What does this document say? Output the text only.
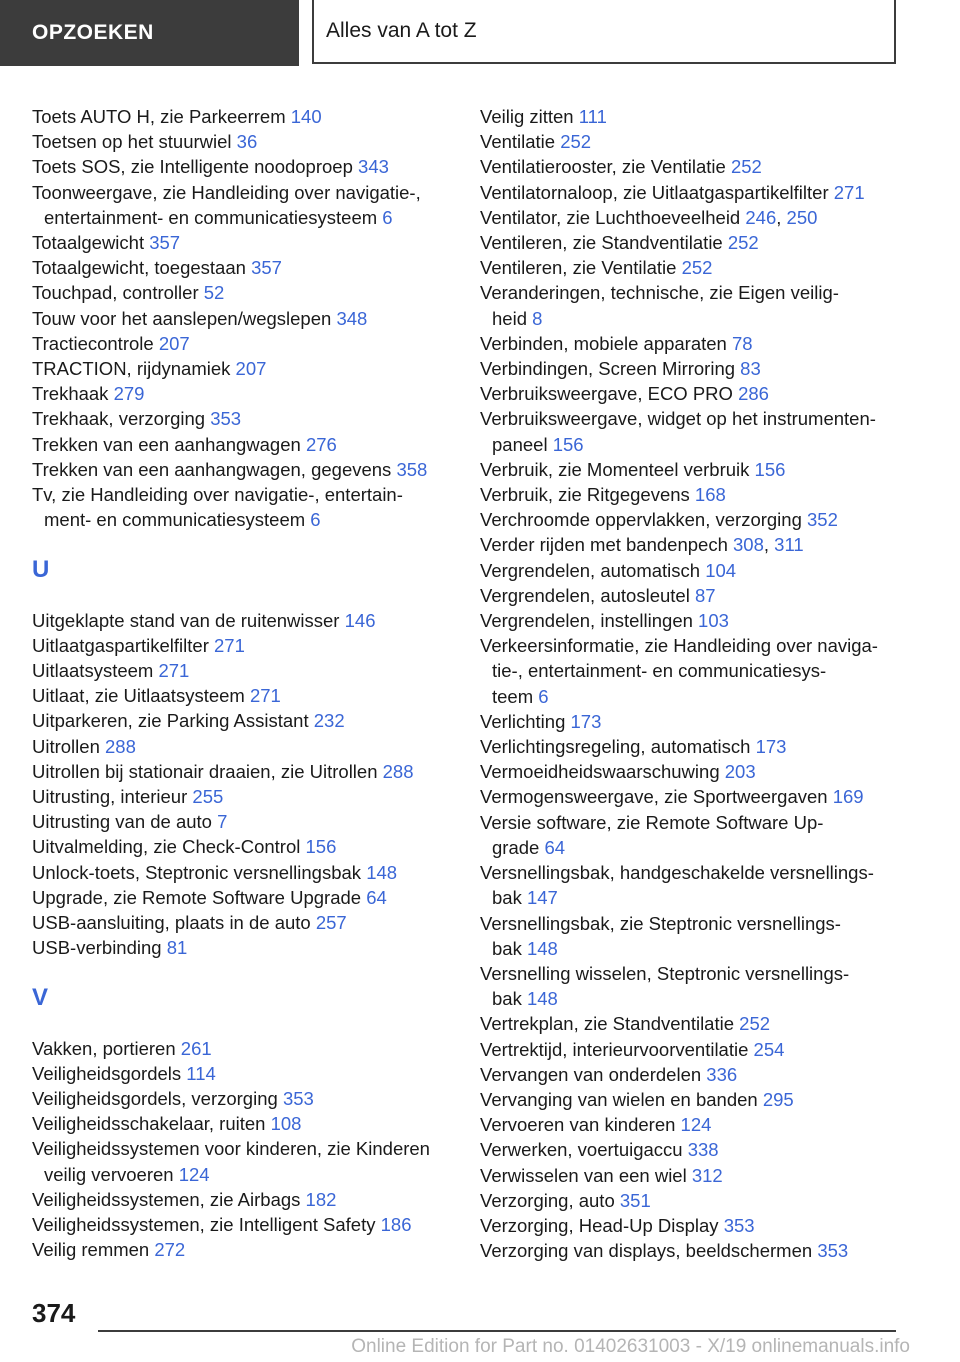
OPZOEKEN	Alles van A tot Z
Toets AUTO H, zie Parkeerrem 140
Toetsen op het stuurwiel 36
Toets SOS, zie Intelligente noodoproep 343
Toonweergave, zie Handleiding over navigatie-,
entertainment- en communicatiesysteem 6
Totaalgewicht 357
Totaalgewicht, toegestaan 357
Touchpad, controller 52
Touw voor het aanslepen/wegslepen 348
Tractiecontrole 207
TRACTION, rijdynamiek 207
Trekhaak 279
Trekhaak, verzorging 353
Trekken van een aanhangwagen 276
Trekken van een aanhangwagen, gegevens 358
Tv, zie Handleiding over navigatie-, entertain-
ment- en communicatiesysteem 6
U
Uitgeklapte stand van de ruitenwisser 146
Uitlaatgaspartikelfilter 271
Uitlaatsysteem 271
Uitlaat, zie Uitlaatsysteem 271
Uitparkeren, zie Parking Assistant 232
Uitrollen 288
Uitrollen bij stationair draaien, zie Uitrollen 288
Uitrusting, interieur 255
Uitrusting van de auto 7
Uitvalmelding, zie Check-Control 156
Unlock-toets, Steptronic versnellingsbak 148
Upgrade, zie Remote Software Upgrade 64
USB-aansluiting, plaats in de auto 257
USB-verbinding 81
V
Vakken, portieren 261
Veiligheidsgordels 114
Veiligheidsgordels, verzorging 353
Veiligheidsschakelaar, ruiten 108
Veiligheidssystemen voor kinderen, zie Kinderen
veilig vervoeren 124
Veiligheidssystemen, zie Airbags 182
Veiligheidssystemen, zie Intelligent Safety 186
Veilig remmen 272
Veilig zitten 111
Ventilatie 252
Ventilatierooster, zie Ventilatie 252
Ventilatornaloop, zie Uitlaatgaspartikelfilter 271
Ventilator, zie Luchthoeveelheid 246, 250
Ventileren, zie Standventilatie 252
Ventileren, zie Ventilatie 252
Veranderingen, technische, zie Eigen veilig-
heid 8
Verbinden, mobiele apparaten 78
Verbindingen, Screen Mirroring 83
Verbruiksweergave, ECO PRO 286
Verbruiksweergave, widget op het instrumenten-
paneel 156
Verbruik, zie Momenteel verbruik 156
Verbruik, zie Ritgegevens 168
Verchroomde oppervlakken, verzorging 352
Verder rijden met bandenpech 308, 311
Vergrendelen, automatisch 104
Vergrendelen, autosleutel 87
Vergrendelen, instellingen 103
Verkeersinformatie, zie Handleiding over naviga-
tie-, entertainment- en communicatiesys-
teem 6
Verlichting 173
Verlichtingsregeling, automatisch 173
Vermoeidheidswaarschuwing 203
Vermogensweergave, zie Sportweergaven 169
Versie software, zie Remote Software Up-
grade 64
Versnellingsbak, handgeschakelde versnellings-
bak 147
Versnellingsbak, zie Steptronic versnellings-
bak 148
Versnelling wisselen, Steptronic versnellings-
bak 148
Vertrekplan, zie Standventilatie 252
Vertrektijd, interieurvoorventilatie 254
Vervangen van onderdelen 336
Vervanging van wielen en banden 295
Vervoeren van kinderen 124
Verwerken, voertuigaccu 338
Verwisselen van een wiel 312
Verzorging, auto 351
Verzorging, Head-Up Display 353
Verzorging van displays, beeldschermen 353
374
Online Edition for Part no. 01402631003 - X/19 onlinemanuals.info
